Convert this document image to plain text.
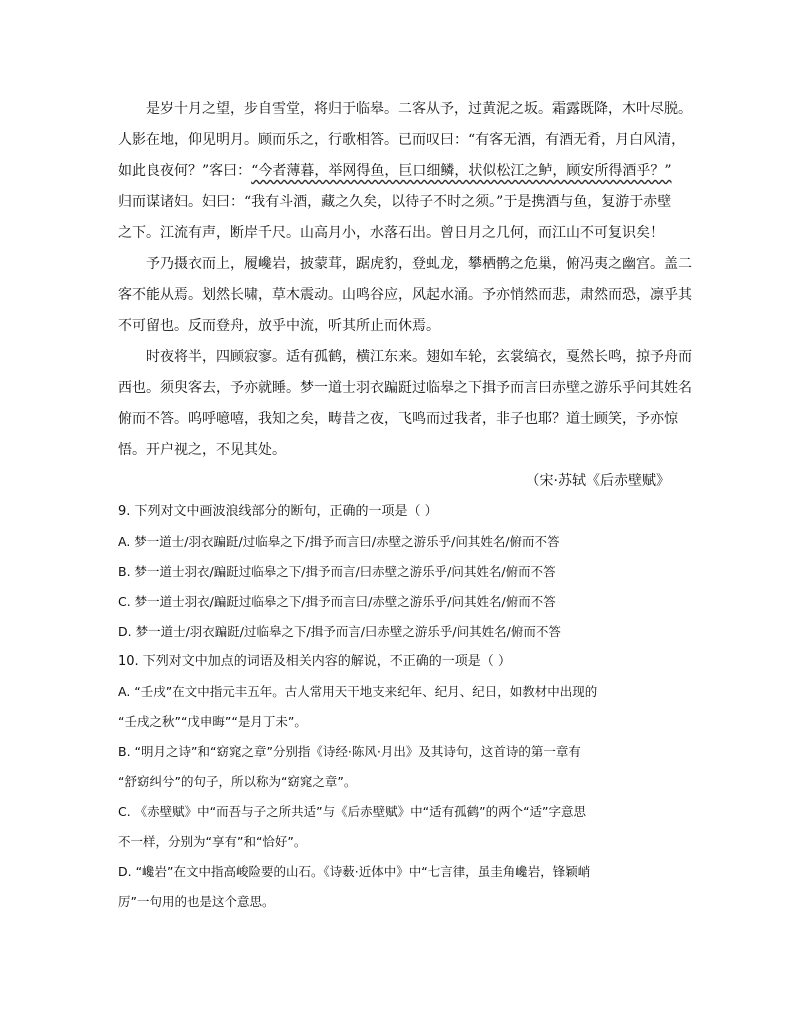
是岁十月之望，步自雪堂，将归于临皋。二客从予，过黄泥之坂。霜露既降，木叶尽脱。
人影在地，仰见明月。顾而乐之，行歌相答。已而叹曰：“有客无酒，有酒无肴，月白风清，
如此良夜何？”客曰：“今者薄暮，举网得鱼，巨口细鳞，状似松江之鲈，顾安所得酒乎？”
归而谋诸妇。妇曰：“我有斗酒，藏之久矣，以待子不时之须。”于是携酒与鱼，复游于赤壁
之下。江流有声，断岸千尺。山高月小，水落石出。曾日月之几何，而江山不可复识矣！

予乃摄衣而上，履巉岩，披蒙茸，踞虎豹，登虬龙，攀栖鹘之危巢，俯冯夷之幽宫。盖二
客不能从焉。划然长啸，草木震动。山鸣谷应，风起水涌。予亦悄然而悲，肃然而恐，凛乎其
不可留也。反而登舟，放乎中流，听其所止而休焉。

时夜将半，四顾寂寥。适有孤鹤，横江东来。翅如车轮，玄裳缟衣，戛然长鸣，掠予舟而
西也。须臾客去，予亦就睡。梦一道士羽衣蹁跹过临皋之下揖予而言曰赤壁之游乐乎问其姓名
俯而不答。呜呼噫嘻，我知之矣，畴昔之夜，飞鸣而过我者，非子也耶？道士顾笑，予亦惊
悟。开户视之，不见其处。

（宋·苏轼《后赤壁赋》

9. 下列对文中画波浪线部分的断句，正确的一项是（ ）

A. 梦一道士/羽衣蹁跹/过临皋之下/揖予而言曰/赤壁之游乐乎/问其姓名/俯而不答

B. 梦一道士羽衣/蹁跹过临皋之下/揖予而言/曰赤壁之游乐乎/问其姓名/俯而不答

C. 梦一道士羽衣/蹁跹过临皋之下/揖予而言曰/赤壁之游乐乎/问其姓名/俯而不答

D. 梦一道士/羽衣蹁跹/过临皋之下/揖予而言/曰赤壁之游乐乎/问其姓名/俯而不答

10. 下列对文中加点的词语及相关内容的解说，不正确的一项是（ ）

A. “壬戌”在文中指元丰五年。古人常用天干地支来纪年、纪月、纪日，如教材中出现的
“壬戌之秋”“戊申晦”“是月丁未”。

B. “明月之诗”和“窈窕之章”分别指《诗经·陈风·月出》及其诗句，这首诗的第一章有
“舒窈纠兮”的句子，所以称为“窈窕之章”。

C. 《赤壁赋》中“而吾与子之所共适”与《后赤壁赋》中“适有孤鹤”的两个“适”字意思
不一样，分别为“享有”和“恰好”。

D. “巉岩”在文中指高峻险要的山石。《诗薮·近体中》中“七言律，虽圭角巉岩，锋颖峭
厉”一句用的也是这个意思。
